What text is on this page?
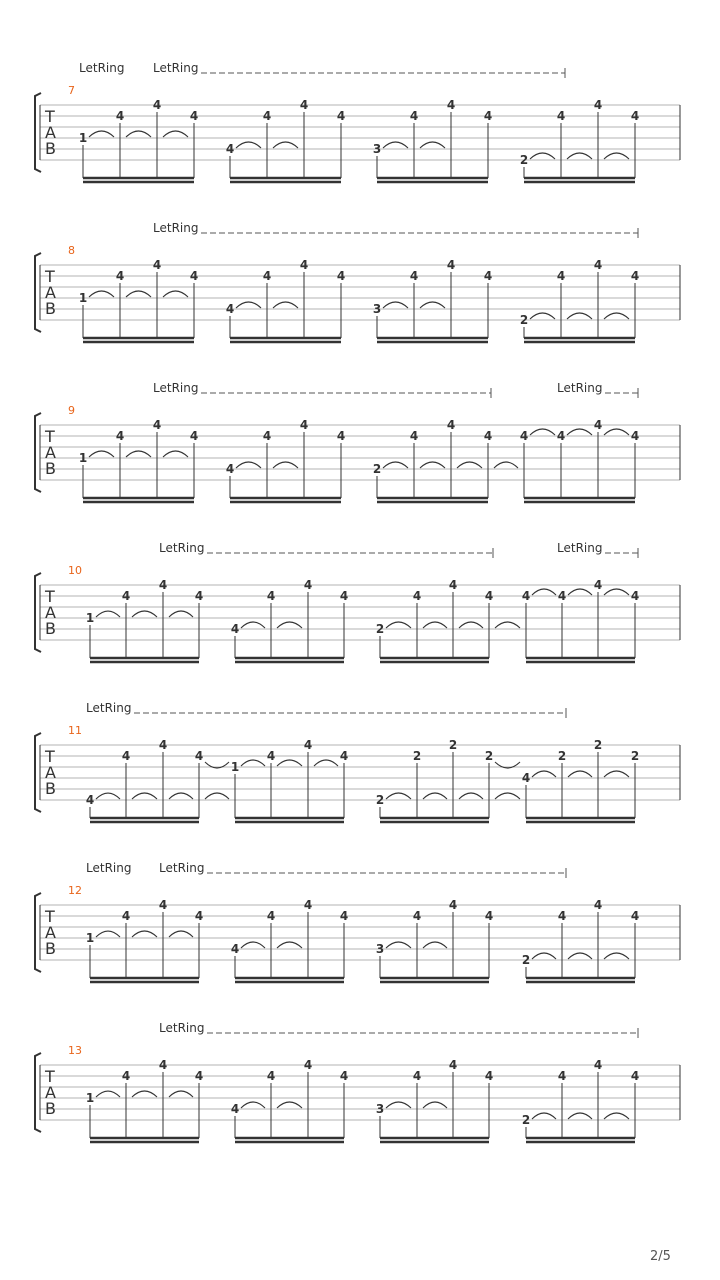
LetRing LetRing
T
A
B
7
1
4
4
4
4
4
4
4
3
4
4
4
2
4
4
4
LetRing
T
A
B
8
1
4
4
4
4
4
4
4
3
4
4
4
2
4
4
4
LetRing	LetRing
T
A
B
9
1
4
4
4
4
4
4
4
2
4
4
4 4 4
4
4
LetRing	LetRing
T
A
B
10
1
4
4
4
4
4
4
4
2
4
4
4 4 4
4
4
LetRing
T
A
B
11
4
4
4
4
1
4
4
4
2
2
2
2
4
2
2
2
LetRing LetRing
T
A
B
12
1
4
4
4
4
4
4
4
3
4
4
4
2
4
4
4
LetRing
T
A
B
13
1
4
4
4
4
4
4
4
3
4
4
4
2
4
4
4
2/5
